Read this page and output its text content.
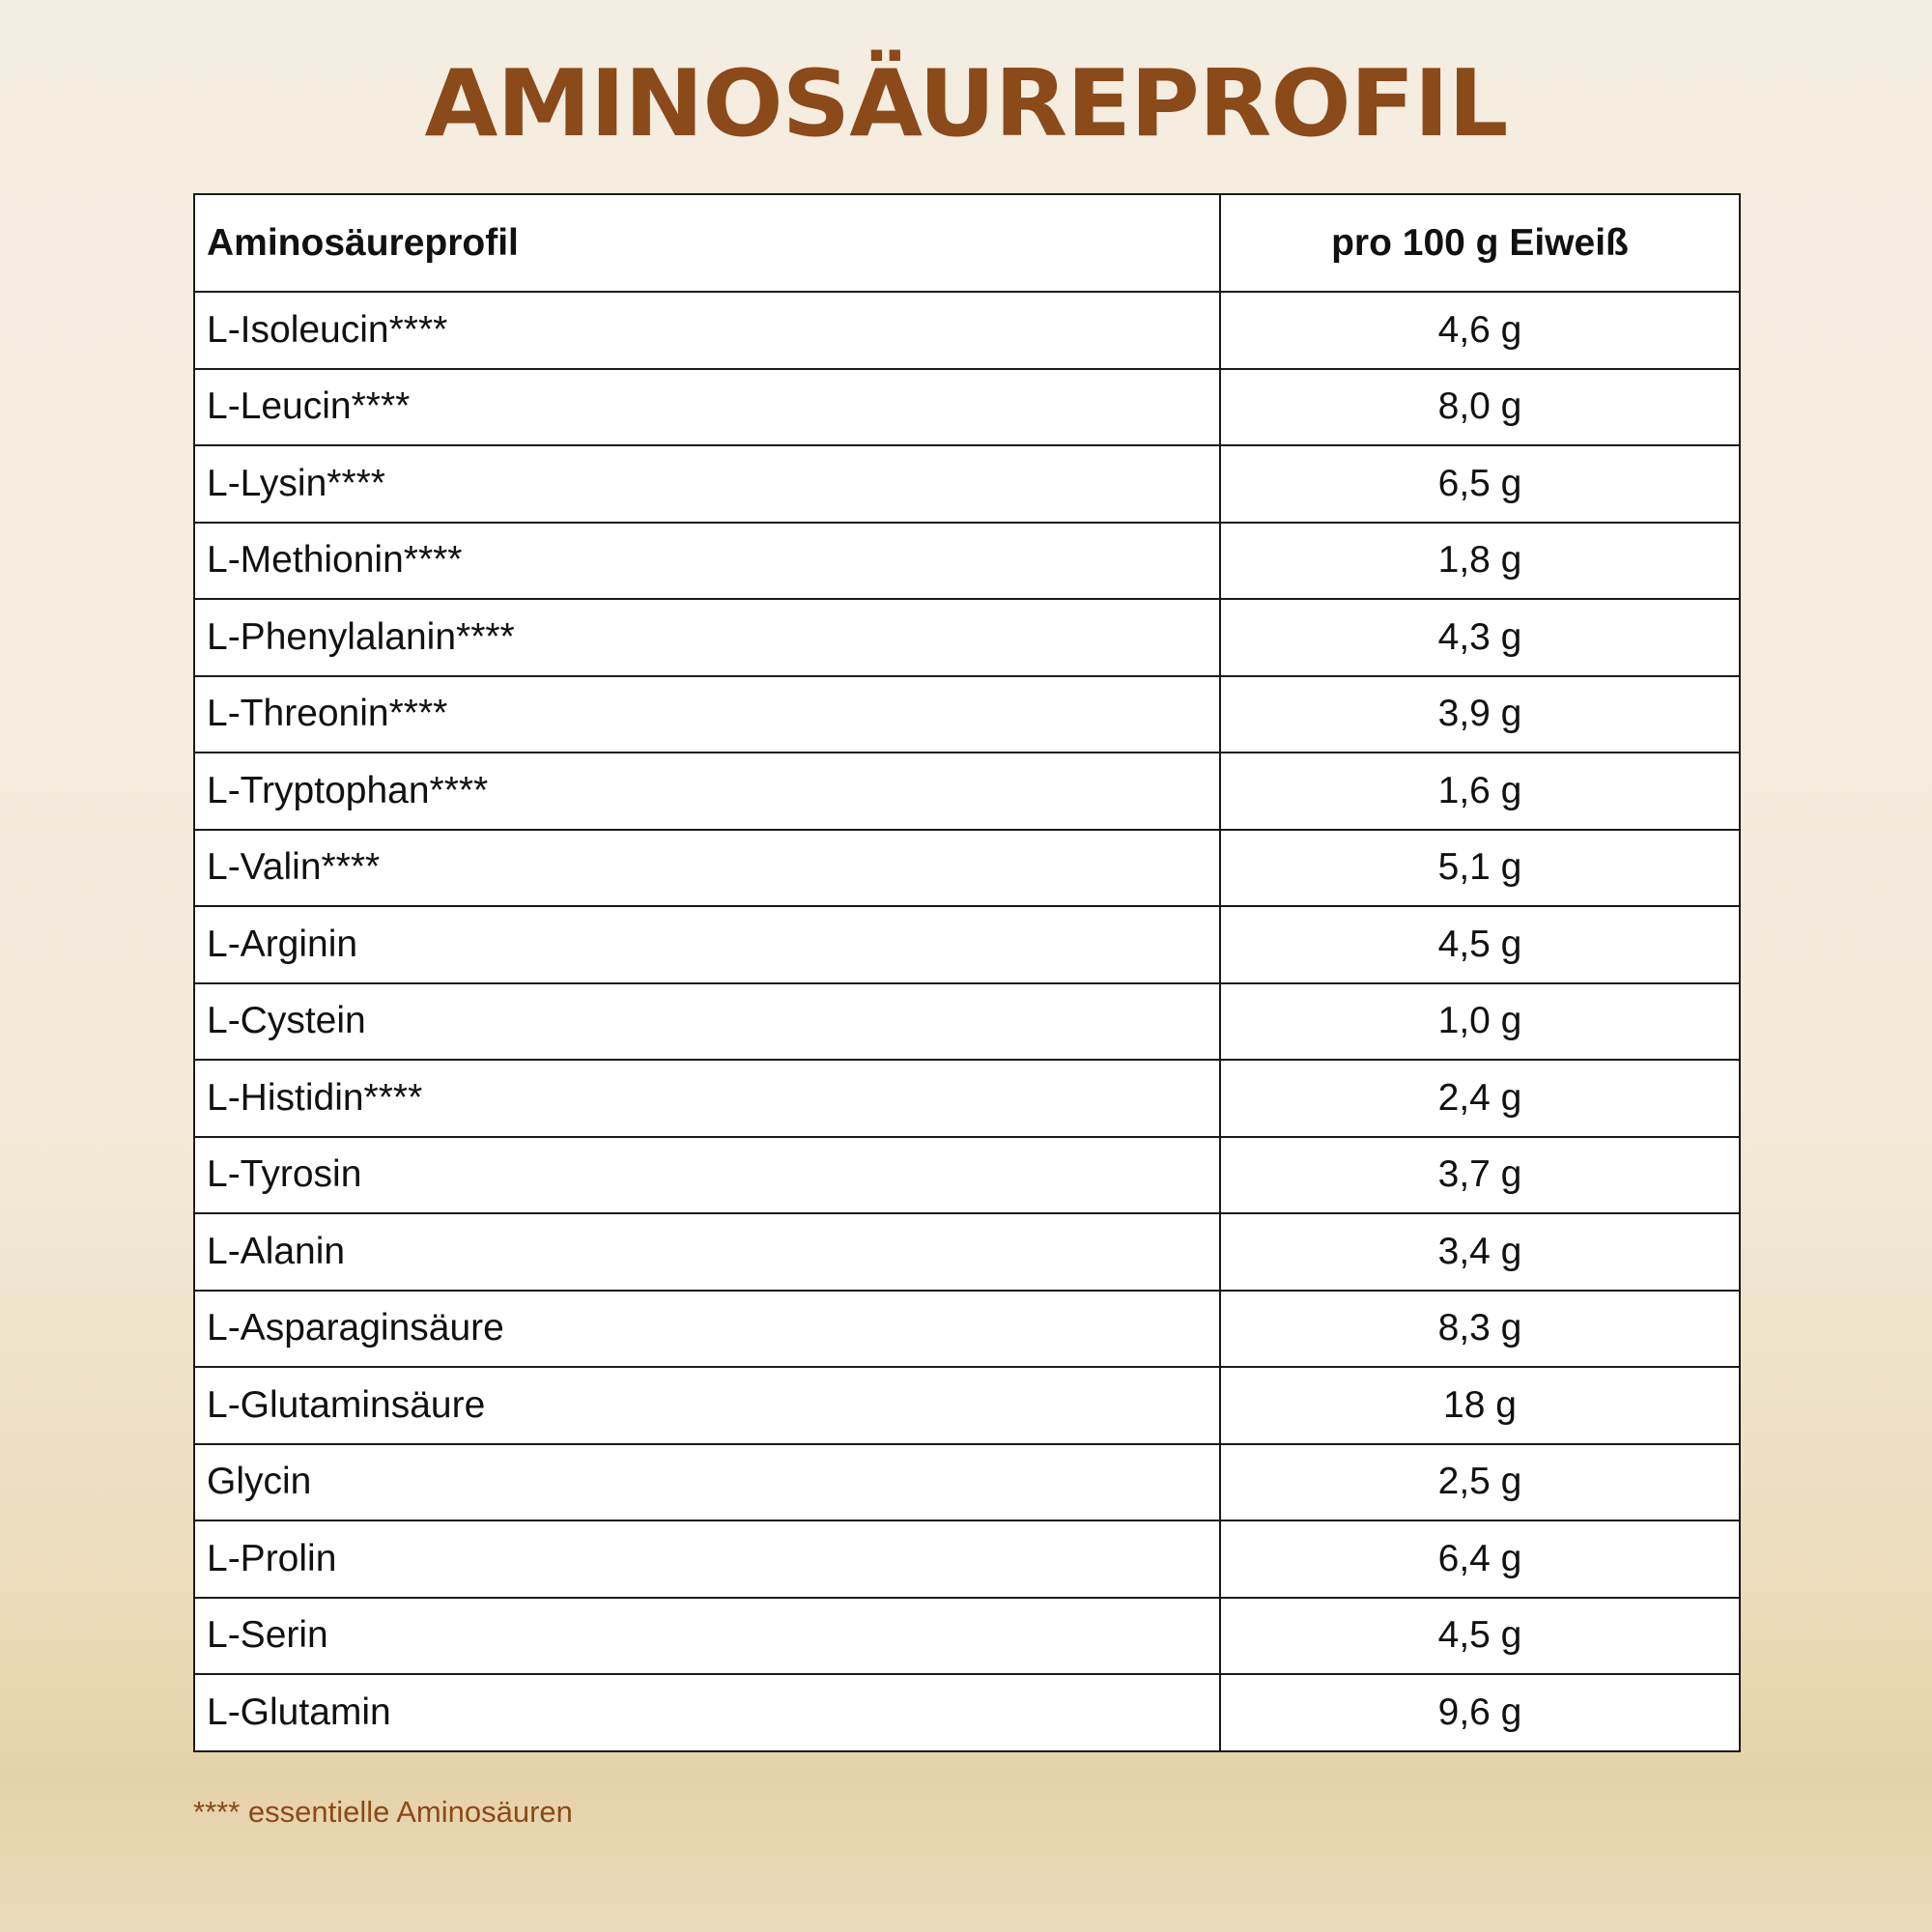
AMINOSÄUREPROFIL
Aminosäureprofil	pro 100 g Eiweiß
L-Isoleucin****	4,6 g
L-Leucin****	8,0 g
L-Lysin****	6,5 g
L-Methionin****	1,8 g
L-Phenylalanin****	4,3 g
L-Threonin****	3,9 g
L-Tryptophan****	1,6 g
L-Valin****	5,1 g
L-Arginin	4,5 g
L-Cystein	1,0 g
L-Histidin****	2,4 g
L-Tyrosin	3,7 g
L-Alanin	3,4 g
L-Asparaginsäure	8,3 g
L-Glutaminsäure	18 g
Glycin	2,5 g
L-Prolin	6,4 g
L-Serin	4,5 g
L-Glutamin	9,6 g
**** essentielle Aminosäuren
